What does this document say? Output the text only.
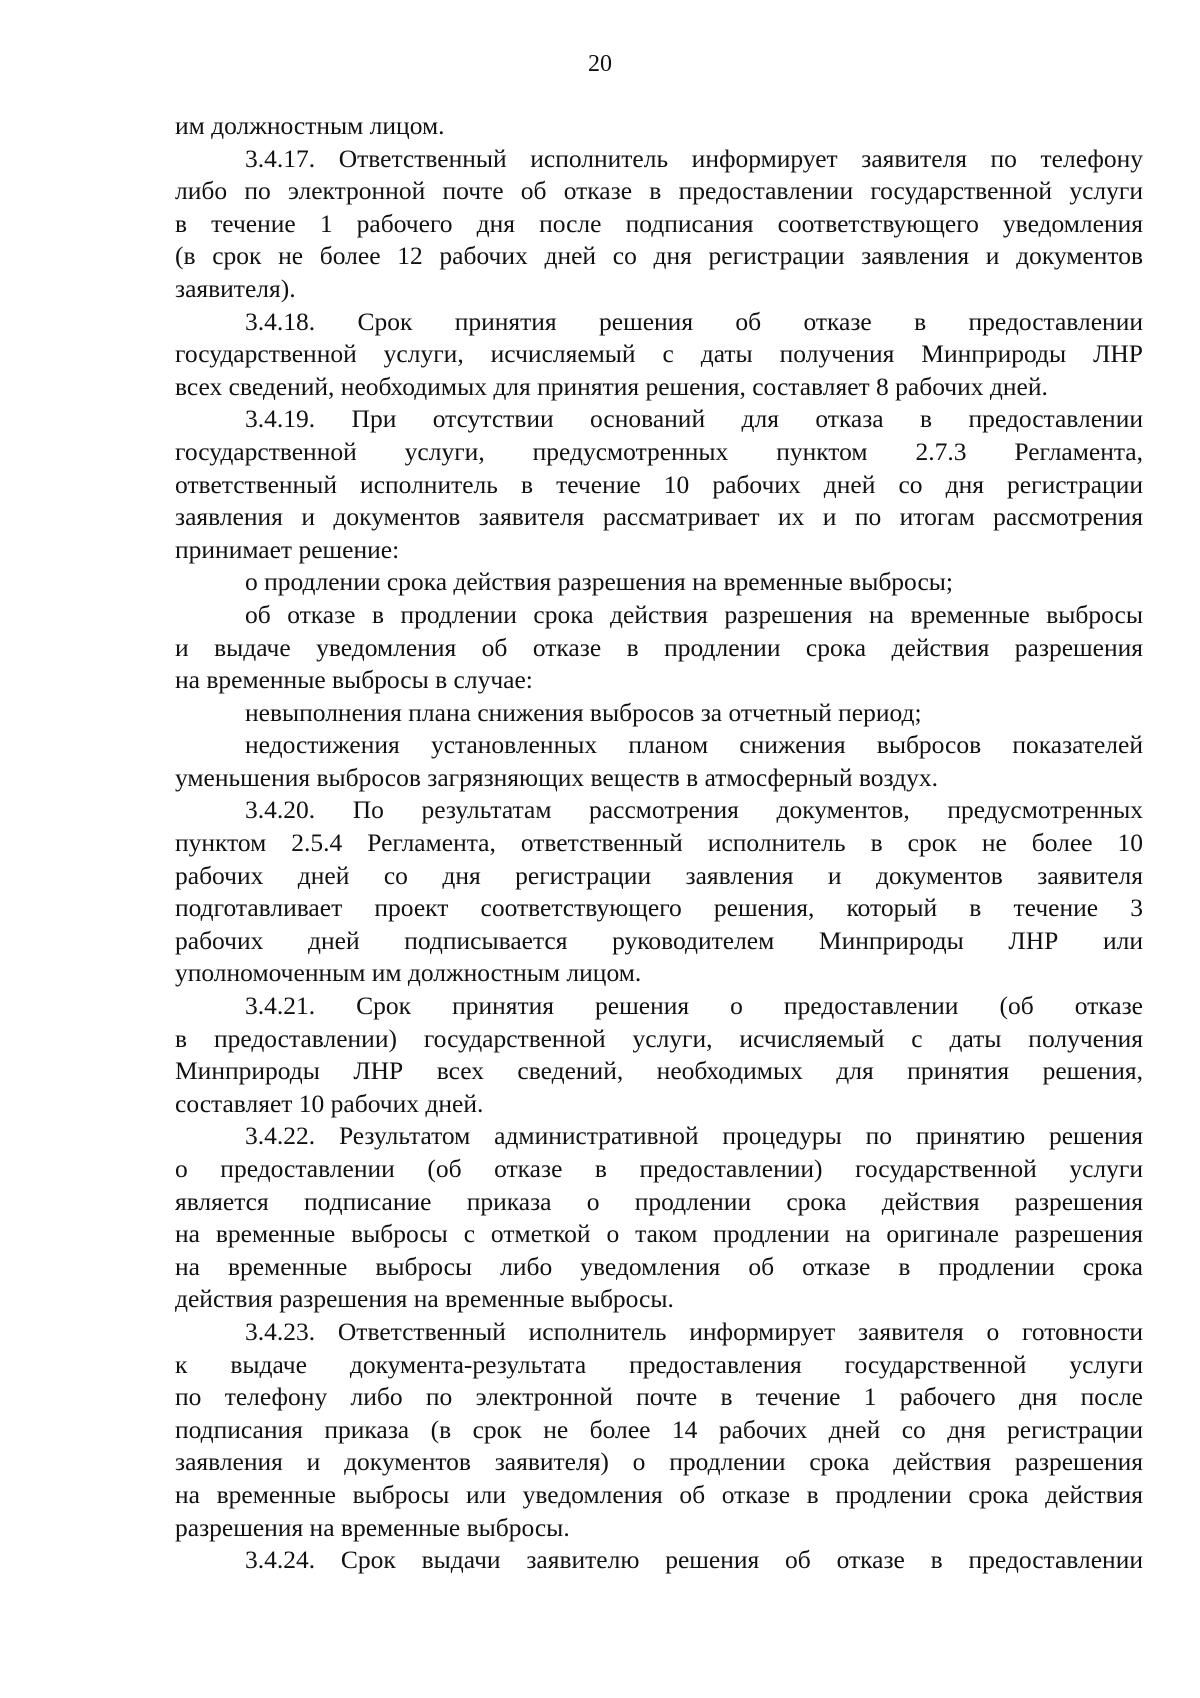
20
им должностным лицом.
3.4.17. Ответственный исполнитель информирует заявителя по телефону
либо по электронной почте об отказе в предоставлении государственной услуги
в течение 1 рабочего дня после подписания соответствующего уведомления
(в срок не более 12 рабочих дней со дня регистрации заявления и документов
заявителя).
3.4.18. Срок принятия решения об отказе в предоставлении
государственной услуги, исчисляемый с даты получения Минприроды ЛНР
всех сведений, необходимых для принятия решения, составляет 8 рабочих дней.
3.4.19. При отсутствии оснований для отказа в предоставлении
государственной услуги, предусмотренных пунктом 2.7.3 Регламента,
ответственный исполнитель в течение 10 рабочих дней со дня регистрации
заявления и документов заявителя рассматривает их и по итогам рассмотрения
принимает решение:
о продлении срока действия разрешения на временные выбросы;
об отказе в продлении срока действия разрешения на временные выбросы
и выдаче уведомления об отказе в продлении срока действия разрешения
на временные выбросы в случае:
невыполнения плана снижения выбросов за отчетный период;
недостижения установленных планом снижения выбросов показателей
уменьшения выбросов загрязняющих веществ в атмосферный воздух.
3.4.20. По результатам рассмотрения документов, предусмотренных
пунктом 2.5.4 Регламента, ответственный исполнитель в срок не более 10
рабочих дней со дня регистрации заявления и документов заявителя
подготавливает проект соответствующего решения, который в течение 3
рабочих дней подписывается руководителем Минприроды ЛНР или
уполномоченным им должностным лицом.
3.4.21. Срок принятия решения о предоставлении (об отказе
в предоставлении) государственной услуги, исчисляемый с даты получения
Минприроды ЛНР всех сведений, необходимых для принятия решения,
составляет 10 рабочих дней.
3.4.22. Результатом административной процедуры по принятию решения
о предоставлении (об отказе в предоставлении) государственной услуги
является подписание приказа о продлении срока действия разрешения
на временные выбросы с отметкой о таком продлении на оригинале разрешения
на временные выбросы либо уведомления об отказе в продлении срока
действия разрешения на временные выбросы.
3.4.23. Ответственный исполнитель информирует заявителя о готовности
к выдаче документа-результата предоставления государственной услуги
по телефону либо по электронной почте в течение 1 рабочего дня после
подписания приказа (в срок не более 14 рабочих дней со дня регистрации
заявления и документов заявителя) о продлении срока действия разрешения
на временные выбросы или уведомления об отказе в продлении срока действия
разрешения на временные выбросы.
3.4.24. Срок выдачи заявителю решения об отказе в предоставлении
